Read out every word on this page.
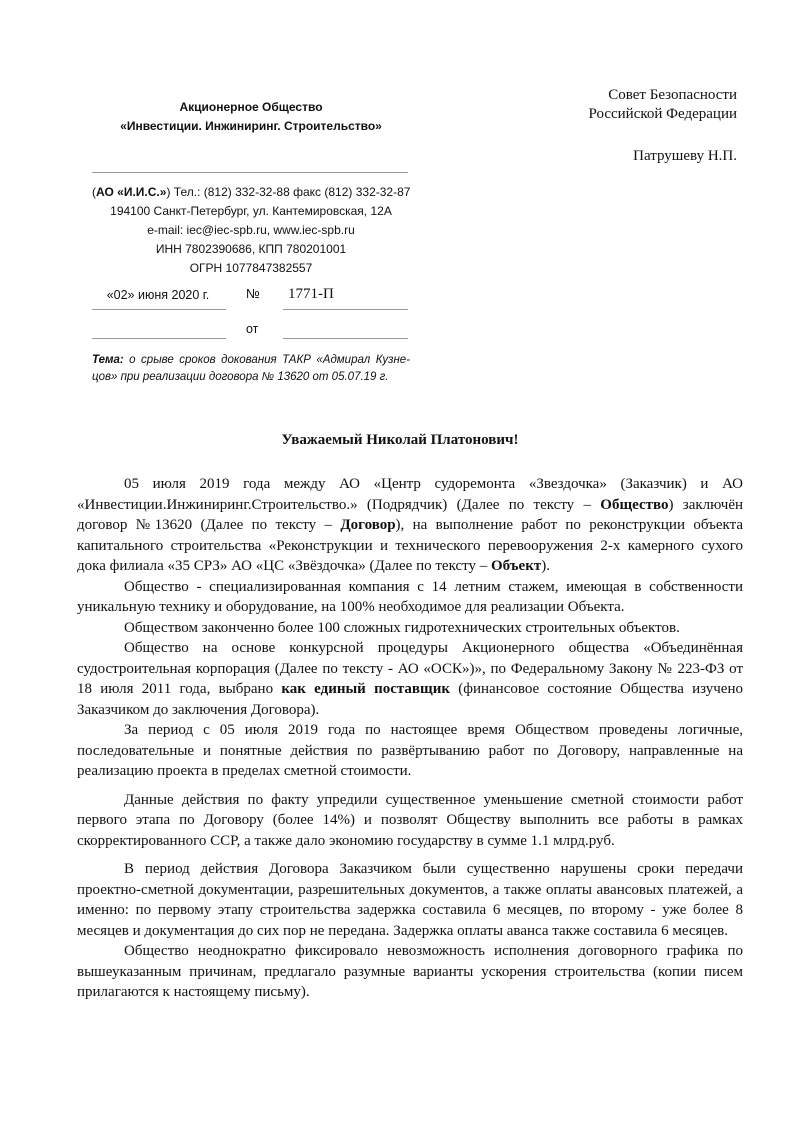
Акционерное Общество
«Инвестиции. Инжиниринг. Строительство»
(АО «И.И.С.») Тел.: (812) 332-32-88 факс (812) 332-32-87
194100 Санкт-Петербург, ул. Кантемировская, 12А
e-mail: iec@iec-spb.ru, www.iec-spb.ru
ИНН 7802390686, КПП 780201001
ОГРН 1077847382557
«02» июня 2020 г.	№ 1771-П
от
Тема: о срыве сроков докования ТАКР «Адмирал Кузне-цов» при реализации договора № 13620 от 05.07.19 г.
Совет Безопасности
Российской Федерации
Патрушеву Н.П.
Уважаемый Николай Платонович!

05 июля 2019 года между АО «Центр судоремонта «Звездочка» (Заказчик) и АО «Инвестиции.Инжиниринг.Строительство.» (Подрядчик) (Далее по тексту – Общество) заключён договор №13620 (Далее по тексту – Договор), на выполнение работ по реконструкции объекта капитального строительства «Реконструкции и технического перевооружения 2-х камерного сухого дока филиала «35 СРЗ» АО «ЦС «Звёздочка» (Далее по тексту – Объект).

Общество - специализированная компания с 14 летним стажем, имеющая в собственности уникальную технику и оборудование, на 100% необходимое для реализации Объекта.

Обществом законченно более 100 сложных гидротехнических строительных объектов.

Общество на основе конкурсной процедуры Акционерного общества «Объединённая судостроительная корпорация (Далее по тексту - АО «ОСК»)», по Федеральному Закону № 223-ФЗ от 18 июля 2011 года, выбрано как единый поставщик (финансовое состояние Общества изучено Заказчиком до заключения Договора).

За период с 05 июля 2019 года по настоящее время Обществом проведены логичные, последовательные и понятные действия по развёртыванию работ по Договору, направленные на реализацию проекта в пределах сметной стоимости.

Данные действия по факту упредили существенное уменьшение сметной стоимости работ первого этапа по Договору (более 14%) и позволят Обществу выполнить все работы в рамках скорректированного ССР, а также дало экономию государству в сумме 1.1 млрд.руб.

В период действия Договора Заказчиком были существенно нарушены сроки передачи проектно-сметной документации, разрешительных документов, а также оплаты авансовых платежей, а именно: по первому этапу строительства задержка составила 6 месяцев, по второму - уже более 8 месяцев и документация до сих пор не передана. Задержка оплаты аванса также составила 6 месяцев.

Общество неоднократно фиксировало невозможность исполнения договорного графика по вышеуказанным причинам, предлагало разумные варианты ускорения строительства (копии писем прилагаются к настоящему письму).
